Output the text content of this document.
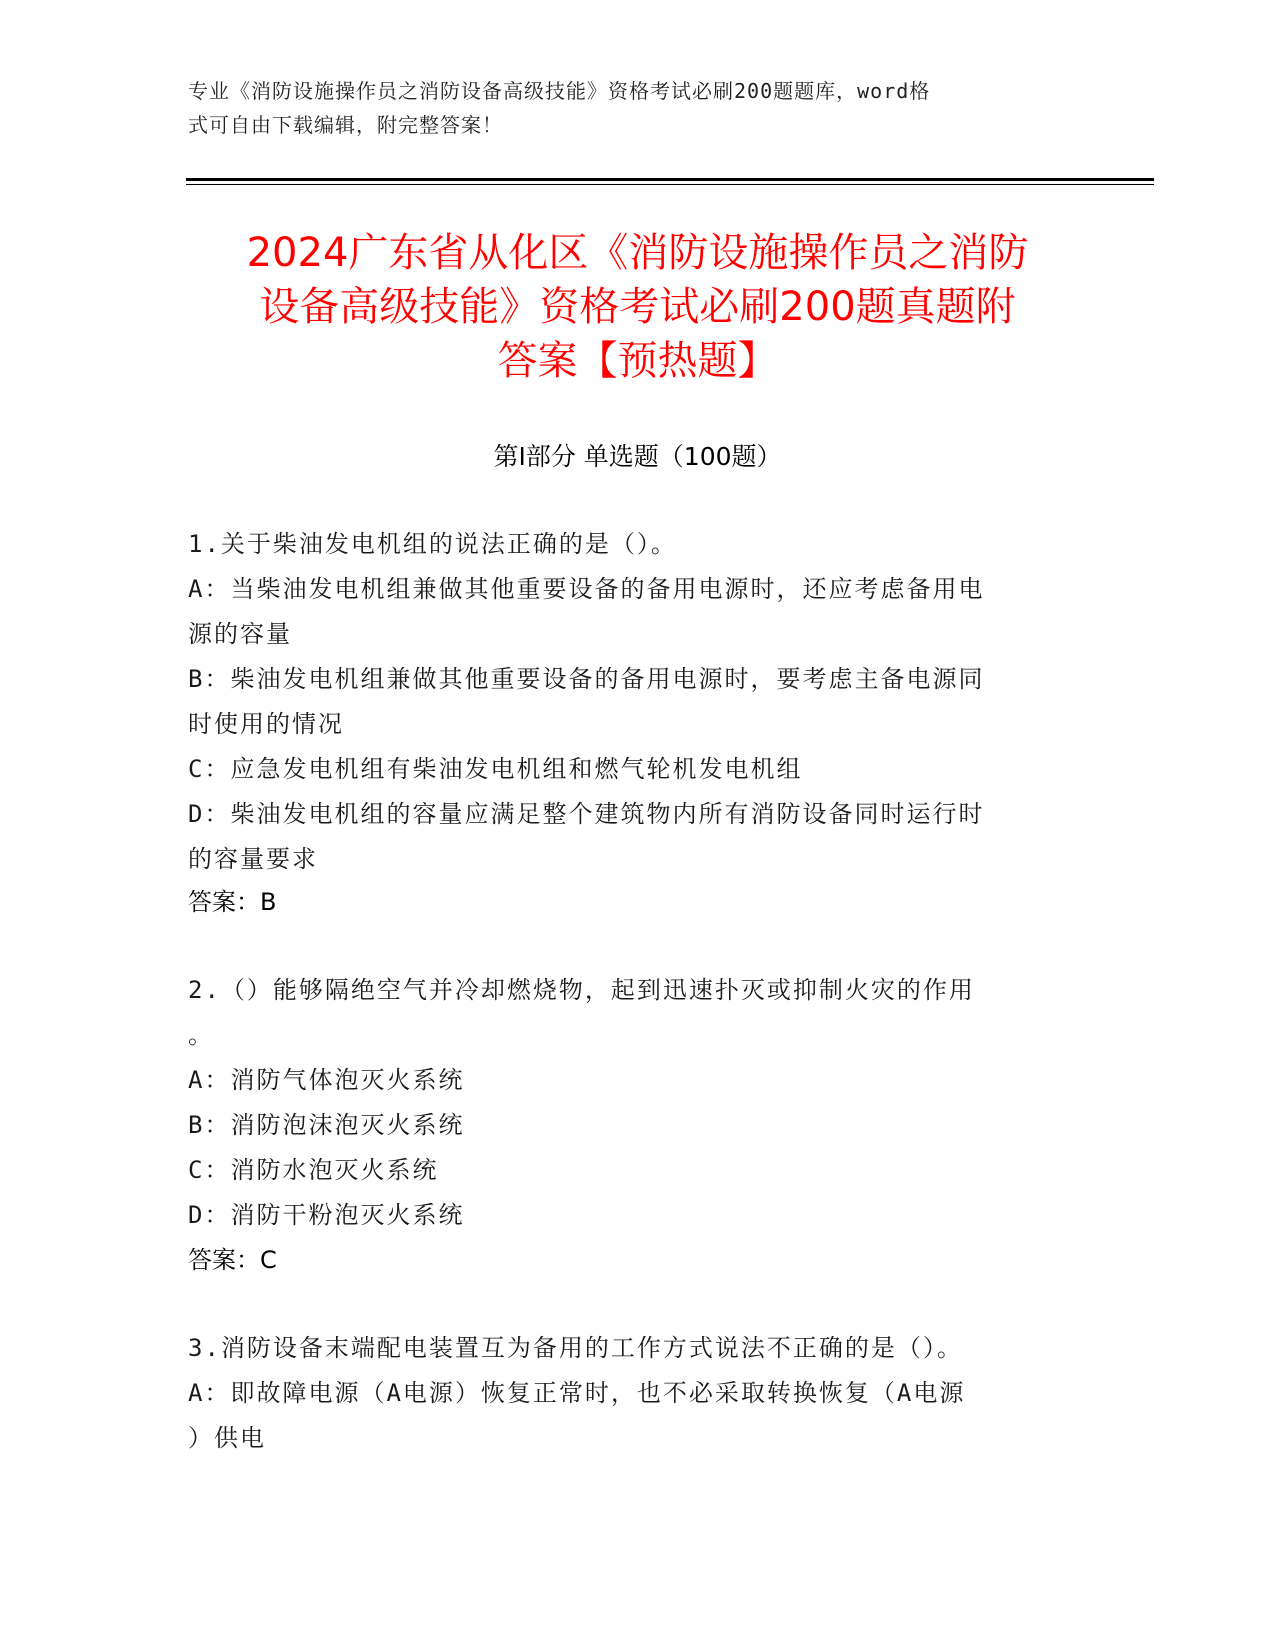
专业《消防设施操作员之消防设备高级技能》资格考试必刷200题题库，word格
式可自由下载编辑，附完整答案！
2024广东省从化区《消防设施操作员之消防
设备高级技能》资格考试必刷200题真题附
答案【预热题】
第Ⅰ部分 单选题（100题）
1.关于柴油发电机组的说法正确的是（）。
A：当柴油发电机组兼做其他重要设备的备用电源时，还应考虑备用电
源的容量
B：柴油发电机组兼做其他重要设备的备用电源时，要考虑主备电源同
时使用的情况
C：应急发电机组有柴油发电机组和燃气轮机发电机组
D：柴油发电机组的容量应满足整个建筑物内所有消防设备同时运行时
的容量要求
答案：B
2.（）能够隔绝空气并冷却燃烧物，起到迅速扑灭或抑制火灾的作用
。
A：消防气体泡灭火系统
B：消防泡沫泡灭火系统
C：消防水泡灭火系统
D：消防干粉泡灭火系统
答案：C
3.消防设备末端配电装置互为备用的工作方式说法不正确的是（）。
A：即故障电源（A电源）恢复正常时，也不必采取转换恢复（A电源
）供电
